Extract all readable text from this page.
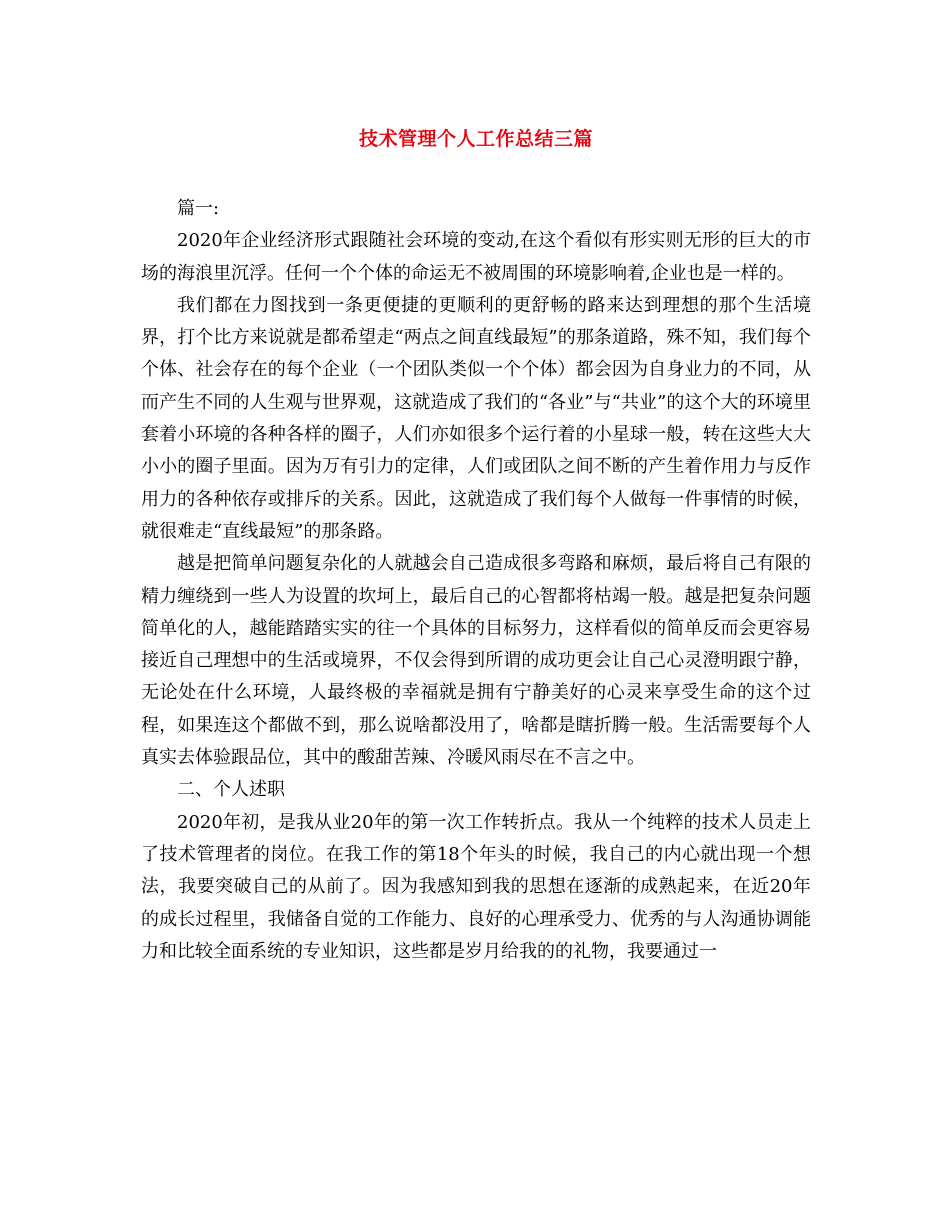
技术管理个人工作总结三篇

篇一:

2020年企业经济形式跟随社会环境的变动,在这个看似有形实则无形的巨大的市场的海浪里沉浮。任何一个个体的命运无不被周围的环境影响着,企业也是一样的。

我们都在力图找到一条更便捷的更顺利的更舒畅的路来达到理想的那个生活境界，打个比方来说就是都希望走“两点之间直线最短”的那条道路，殊不知，我们每个个体、社会存在的每个企业（一个团队类似一个个体）都会因为自身业力的不同，从而产生不同的人生观与世界观，这就造成了我们的“各业”与“共业”的这个大的环境里套着小环境的各种各样的圈子，人们亦如很多个运行着的小星球一般，转在这些大大小小的圈子里面。因为万有引力的定律，人们或团队之间不断的产生着作用力与反作用力的各种依存或排斥的关系。因此，这就造成了我们每个人做每一件事情的时候，就很难走“直线最短”的那条路。

越是把简单问题复杂化的人就越会自己造成很多弯路和麻烦，最后将自己有限的精力缠绕到一些人为设置的坎坷上，最后自己的心智都将枯竭一般。越是把复杂问题简单化的人，越能踏踏实实的往一个具体的目标努力，这样看似的简单反而会更容易接近自己理想中的生活或境界，不仅会得到所谓的成功更会让自己心灵澄明跟宁静，无论处在什么环境，人最终极的幸福就是拥有宁静美好的心灵来享受生命的这个过程，如果连这个都做不到，那么说啥都没用了，啥都是瞎折腾一般。生活需要每个人真实去体验跟品位，其中的酸甜苦辣、冷暖风雨尽在不言之中。

二、个人述职

2020年初，是我从业20年的第一次工作转折点。我从一个纯粹的技术人员走上了技术管理者的岗位。在我工作的第18个年头的时候，我自己的内心就出现一个想法，我要突破自己的从前了。因为我感知到我的思想在逐渐的成熟起来，在近20年的成长过程里，我储备自觉的工作能力、良好的心理承受力、优秀的与人沟通协调能力和比较全面系统的专业知识，这些都是岁月给我的的礼物，我要通过一
